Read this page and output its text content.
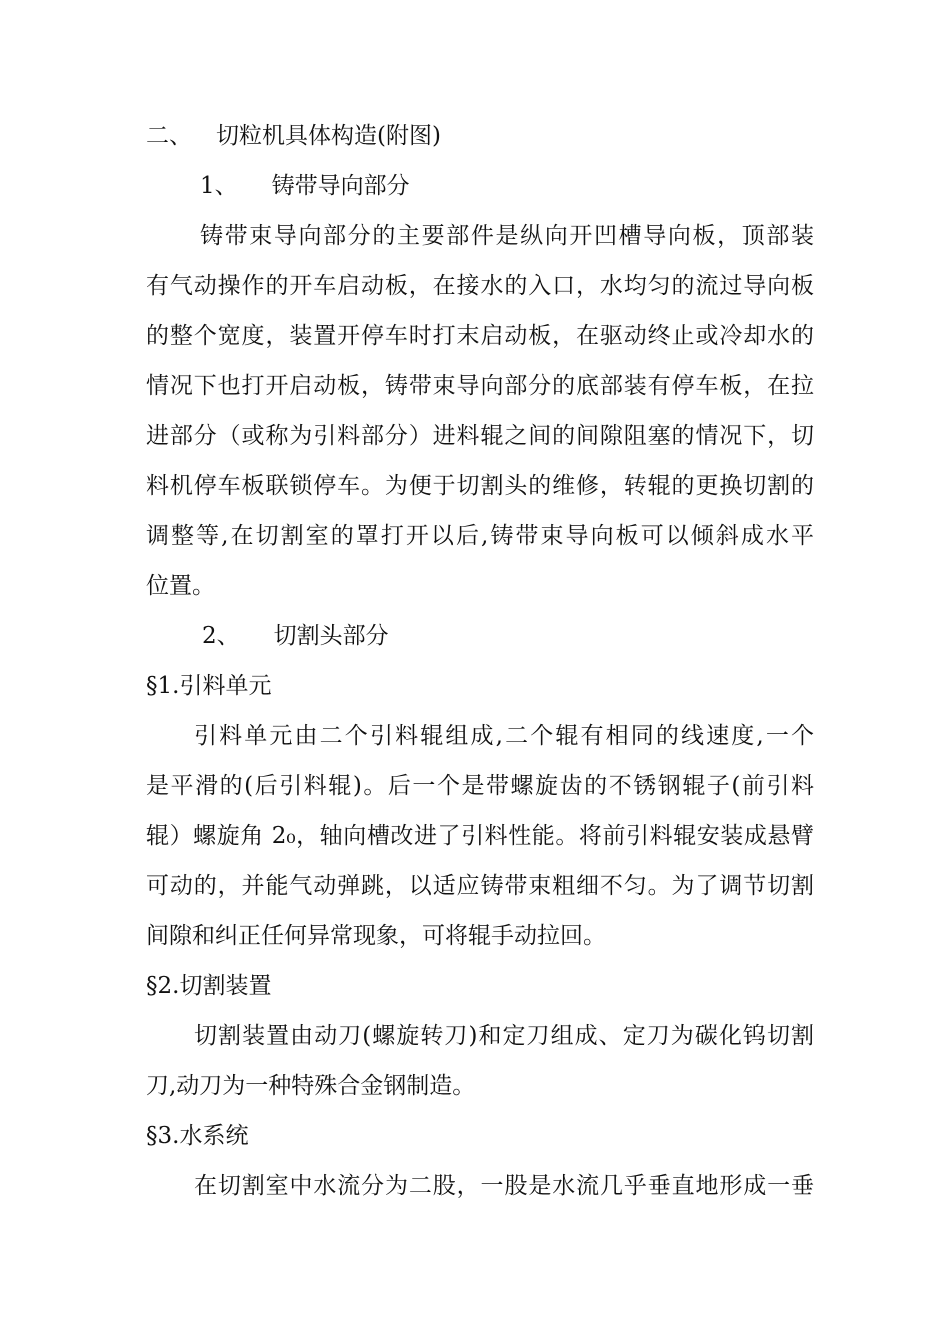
二、 切粒机具体构造(附图)
1、 铸带导向部分
铸带束导向部分的主要部件是纵向开凹槽导向板，顶部装
有气动操作的开车启动板，在接水的入口，水均匀的流过导向板
的整个宽度，装置开停车时打末启动板，在驱动终止或冷却水的
情况下也打开启动板，铸带束导向部分的底部装有停车板，在拉
进部分（或称为引料部分）进料辊之间的间隙阻塞的情况下，切
料机停车板联锁停车。为便于切割头的维修，转辊的更换切割的
调整等,在切割室的罩打开以后,铸带束导向板可以倾斜成水平
位置。
2、 切割头部分
§1.引料单元
引料单元由二个引料辊组成,二个辊有相同的线速度,一个
是平滑的(后引料辊)。后一个是带螺旋齿的不锈钢辊子(前引料
辊）螺旋角 2₀，轴向槽改进了引料性能。将前引料辊安装成悬臂
可动的，并能气动弹跳，以适应铸带束粗细不匀。为了调节切割
间隙和纠正任何异常现象，可将辊手动拉回。
§2.切割装置
切割装置由动刀(螺旋转刀)和定刀组成、定刀为碳化钨切割
刀,动刀为一种特殊合金钢制造。
§3.水系统
在切割室中水流分为二股，一股是水流几乎垂直地形成一垂
